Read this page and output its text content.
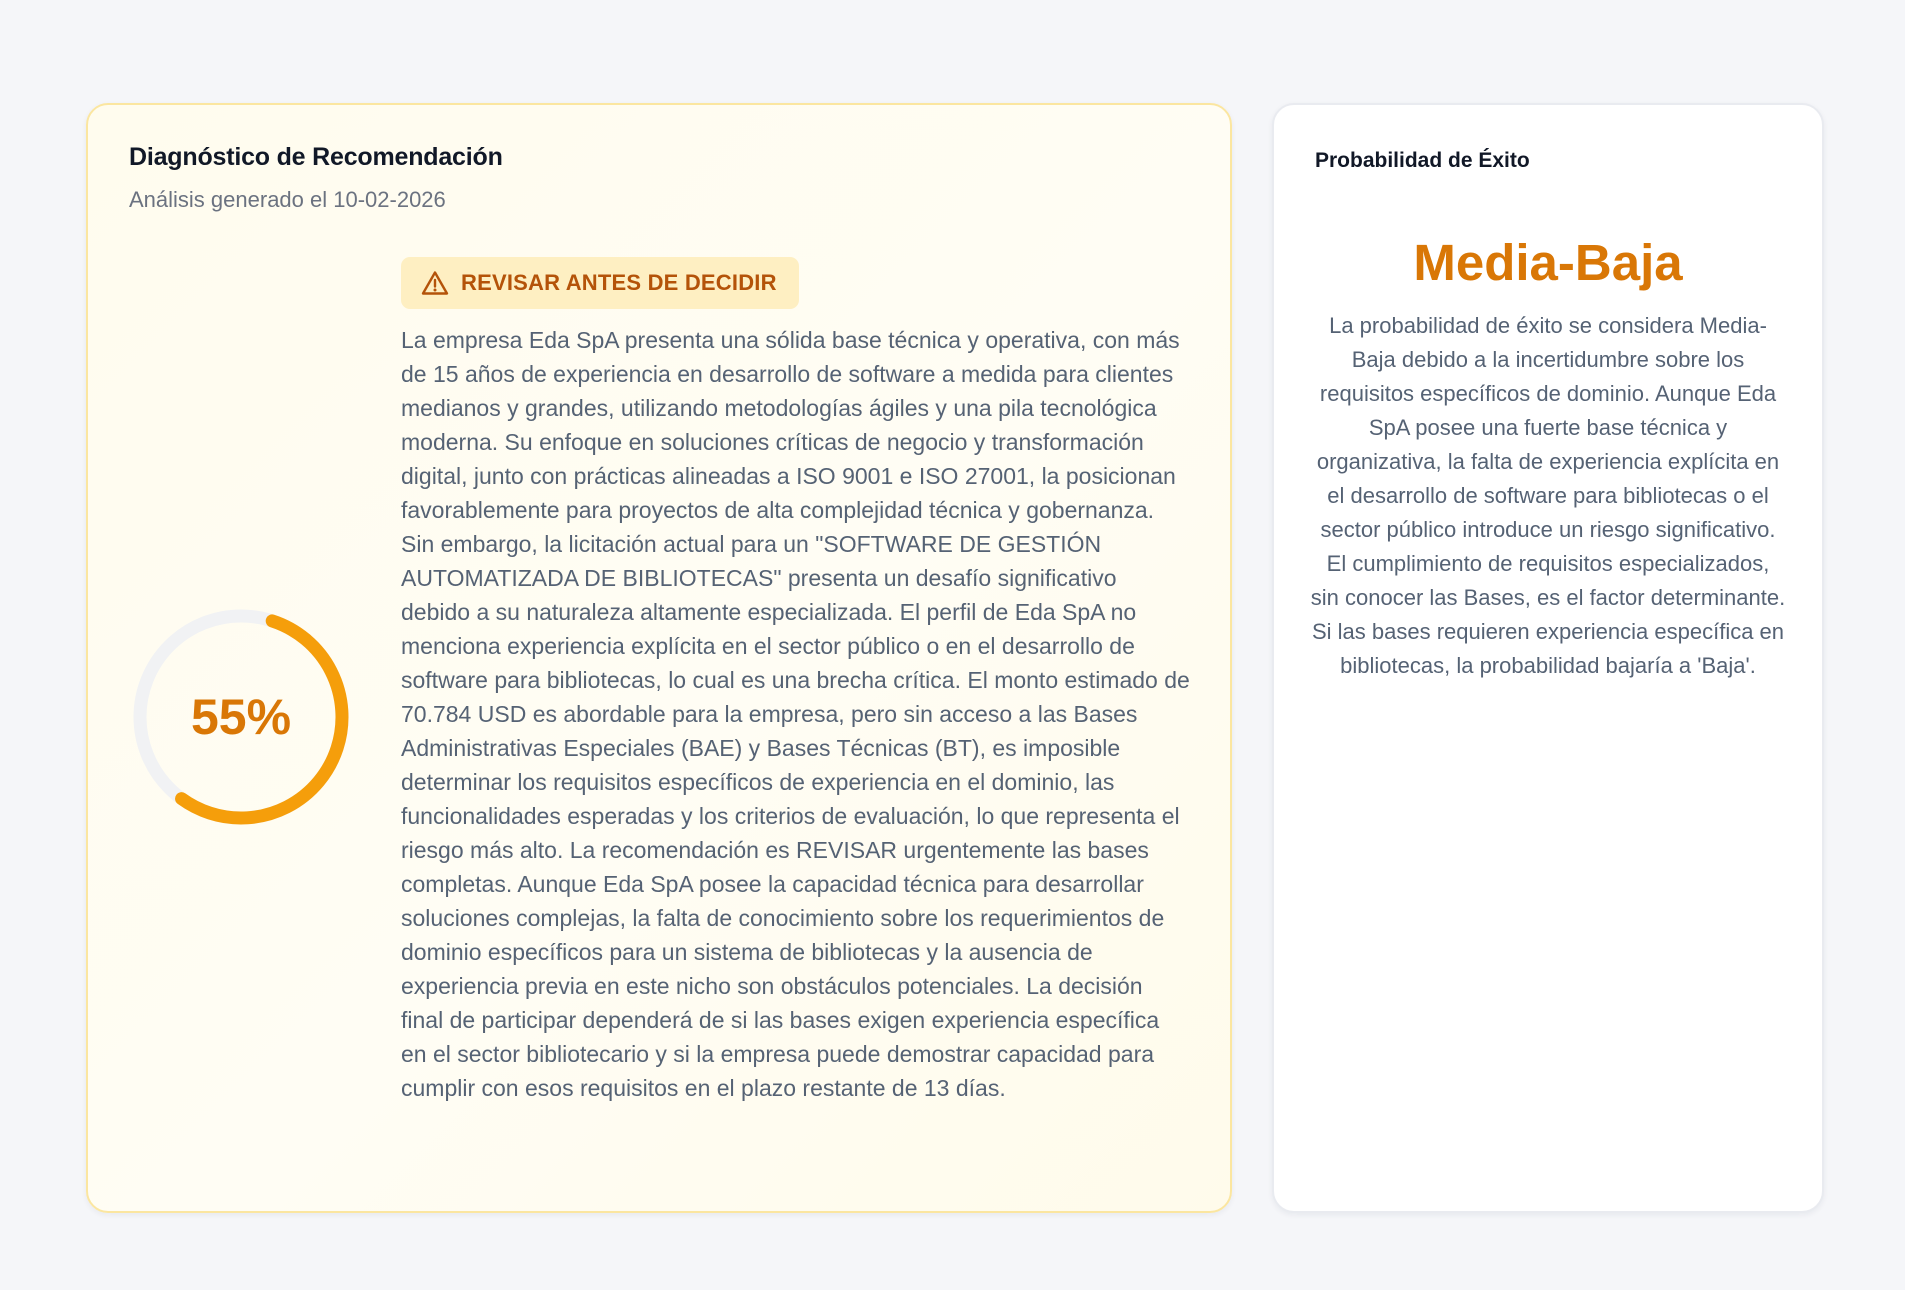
Diagnóstico de Recomendación
Análisis generado el 10-02-2026
55%
REVISAR ANTES DE DECIDIR

La empresa Eda SpA presenta una sólida base técnica y operativa, con más de 15 años de experiencia en desarrollo de software a medida para clientes medianos y grandes, utilizando metodologías ágiles y una pila tecnológica moderna. Su enfoque en soluciones críticas de negocio y transformación digital, junto con prácticas alineadas a ISO 9001 e ISO 27001, la posicionan favorablemente para proyectos de alta complejidad técnica y gobernanza. Sin embargo, la licitación actual para un "SOFTWARE DE GESTIÓN AUTOMATIZADA DE BIBLIOTECAS" presenta un desafío significativo debido a su naturaleza altamente especializada. El perfil de Eda SpA no menciona experiencia explícita en el sector público o en el desarrollo de software para bibliotecas, lo cual es una brecha crítica. El monto estimado de 70.784 USD es abordable para la empresa, pero sin acceso a las Bases Administrativas Especiales (BAE) y Bases Técnicas (BT), es imposible determinar los requisitos específicos de experiencia en el dominio, las funcionalidades esperadas y los criterios de evaluación, lo que representa el riesgo más alto. La recomendación es REVISAR urgentemente las bases completas. Aunque Eda SpA posee la capacidad técnica para desarrollar soluciones complejas, la falta de conocimiento sobre los requerimientos de dominio específicos para un sistema de bibliotecas y la ausencia de experiencia previa en este nicho son obstáculos potenciales. La decisión final de participar dependerá de si las bases exigen experiencia específica en el sector bibliotecario y si la empresa puede demostrar capacidad para cumplir con esos requisitos en el plazo restante de 13 días.

Probabilidad de Éxito
Media-Baja

La probabilidad de éxito se considera Media-Baja debido a la incertidumbre sobre los requisitos específicos de dominio. Aunque Eda SpA posee una fuerte base técnica y organizativa, la falta de experiencia explícita en el desarrollo de software para bibliotecas o el sector público introduce un riesgo significativo. El cumplimiento de requisitos especializados, sin conocer las Bases, es el factor determinante. Si las bases requieren experiencia específica en bibliotecas, la probabilidad bajaría a 'Baja'.
